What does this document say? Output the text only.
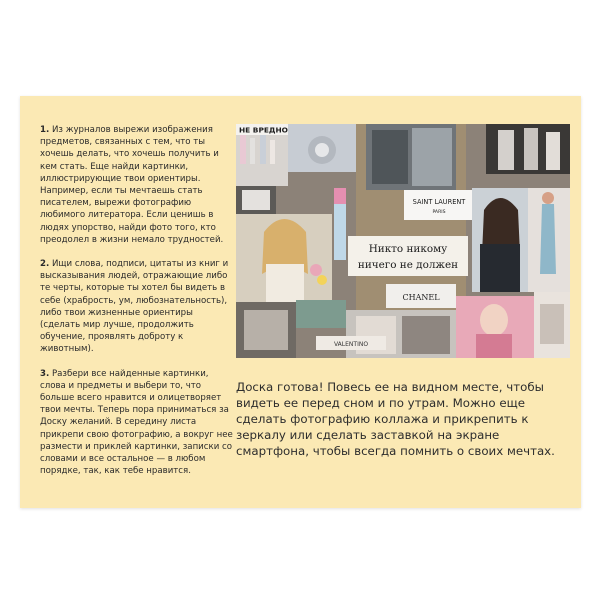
1. Из журналов вырежи изображения предметов, связанных с тем, что ты хочешь делать, что хочешь получить и кем стать. Еще найди картинки, иллюстрирующие твои ориентиры. Например, если ты мечтаешь стать писателем, вырежи фотографию любимого литератора. Если ценишь в людях упорство, найди фото того, кто преодолел в жизни немало трудностей.

2. Ищи слова, подписи, цитаты из книг и высказывания людей, отражающие либо те черты, которые ты хотел бы видеть в себе (храбрость, ум, любознательность), либо твои жизненные ориентиры (сделать мир лучше, продолжить обучение, проявлять доброту к животным).

3. Разбери все найденные картинки, слова и предметы и выбери то, что больше всего нравится и олицетворяет твои мечты. Теперь пора приниматься за Доску желаний. В середину листа прикрепи свою фотографию, а вокруг нее размести и приклей картинки, записки со словами и все остальное — в любом порядке, так, как тебе нравится.

НЕ ВРЕДНО
SAINT LAURENT
PARIS
Никто никому
ничего не должен
CHANEL
VALENTINO
Доска готова! Повесь ее на видном месте, чтобы видеть ее перед сном и по утрам. Можно еще сделать фотографию коллажа и прикрепить к зеркалу или сделать заставкой на экране смартфона, чтобы всегда помнить о своих мечтах.
